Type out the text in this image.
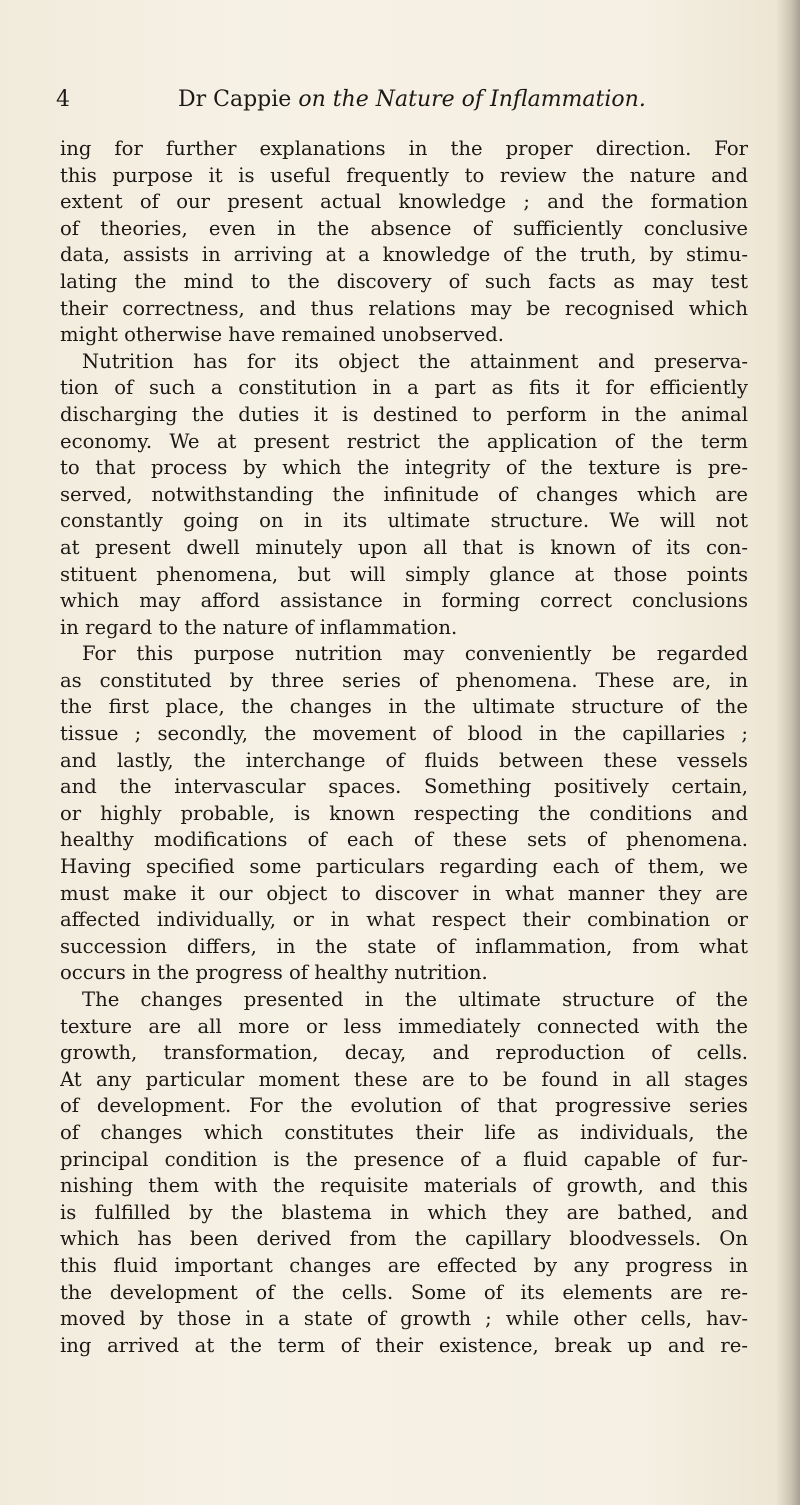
4	Dr Cappie on the Nature of Inflammation.
ing for further explanations in the proper direction. For
this purpose it is useful frequently to review the nature and
extent of our present actual knowledge ; and the formation
of theories, even in the absence of sufficiently conclusive
data, assists in arriving at a knowledge of the truth, by stimu-
lating the mind to the discovery of such facts as may test
their correctness, and thus relations may be recognised which
might otherwise have remained unobserved.
Nutrition has for its object the attainment and preserva-
tion of such a constitution in a part as fits it for efficiently
discharging the duties it is destined to perform in the animal
economy. We at present restrict the application of the term
to that process by which the integrity of the texture is pre-
served, notwithstanding the infinitude of changes which are
constantly going on in its ultimate structure. We will not
at present dwell minutely upon all that is known of its con-
stituent phenomena, but will simply glance at those points
which may afford assistance in forming correct conclusions
in regard to the nature of inflammation.
For this purpose nutrition may conveniently be regarded
as constituted by three series of phenomena. These are, in
the first place, the changes in the ultimate structure of the
tissue ; secondly, the movement of blood in the capillaries ;
and lastly, the interchange of fluids between these vessels
and the intervascular spaces. Something positively certain,
or highly probable, is known respecting the conditions and
healthy modifications of each of these sets of phenomena.
Having specified some particulars regarding each of them, we
must make it our object to discover in what manner they are
affected individually, or in what respect their combination or
succession differs, in the state of inflammation, from what
occurs in the progress of healthy nutrition.
The changes presented in the ultimate structure of the
texture are all more or less immediately connected with the
growth, transformation, decay, and reproduction of cells.
At any particular moment these are to be found in all stages
of development. For the evolution of that progressive series
of changes which constitutes their life as individuals, the
principal condition is the presence of a fluid capable of fur-
nishing them with the requisite materials of growth, and this
is fulfilled by the blastema in which they are bathed, and
which has been derived from the capillary bloodvessels. On
this fluid important changes are effected by any progress in
the development of the cells. Some of its elements are re-
moved by those in a state of growth ; while other cells, hav-
ing arrived at the term of their existence, break up and re-
